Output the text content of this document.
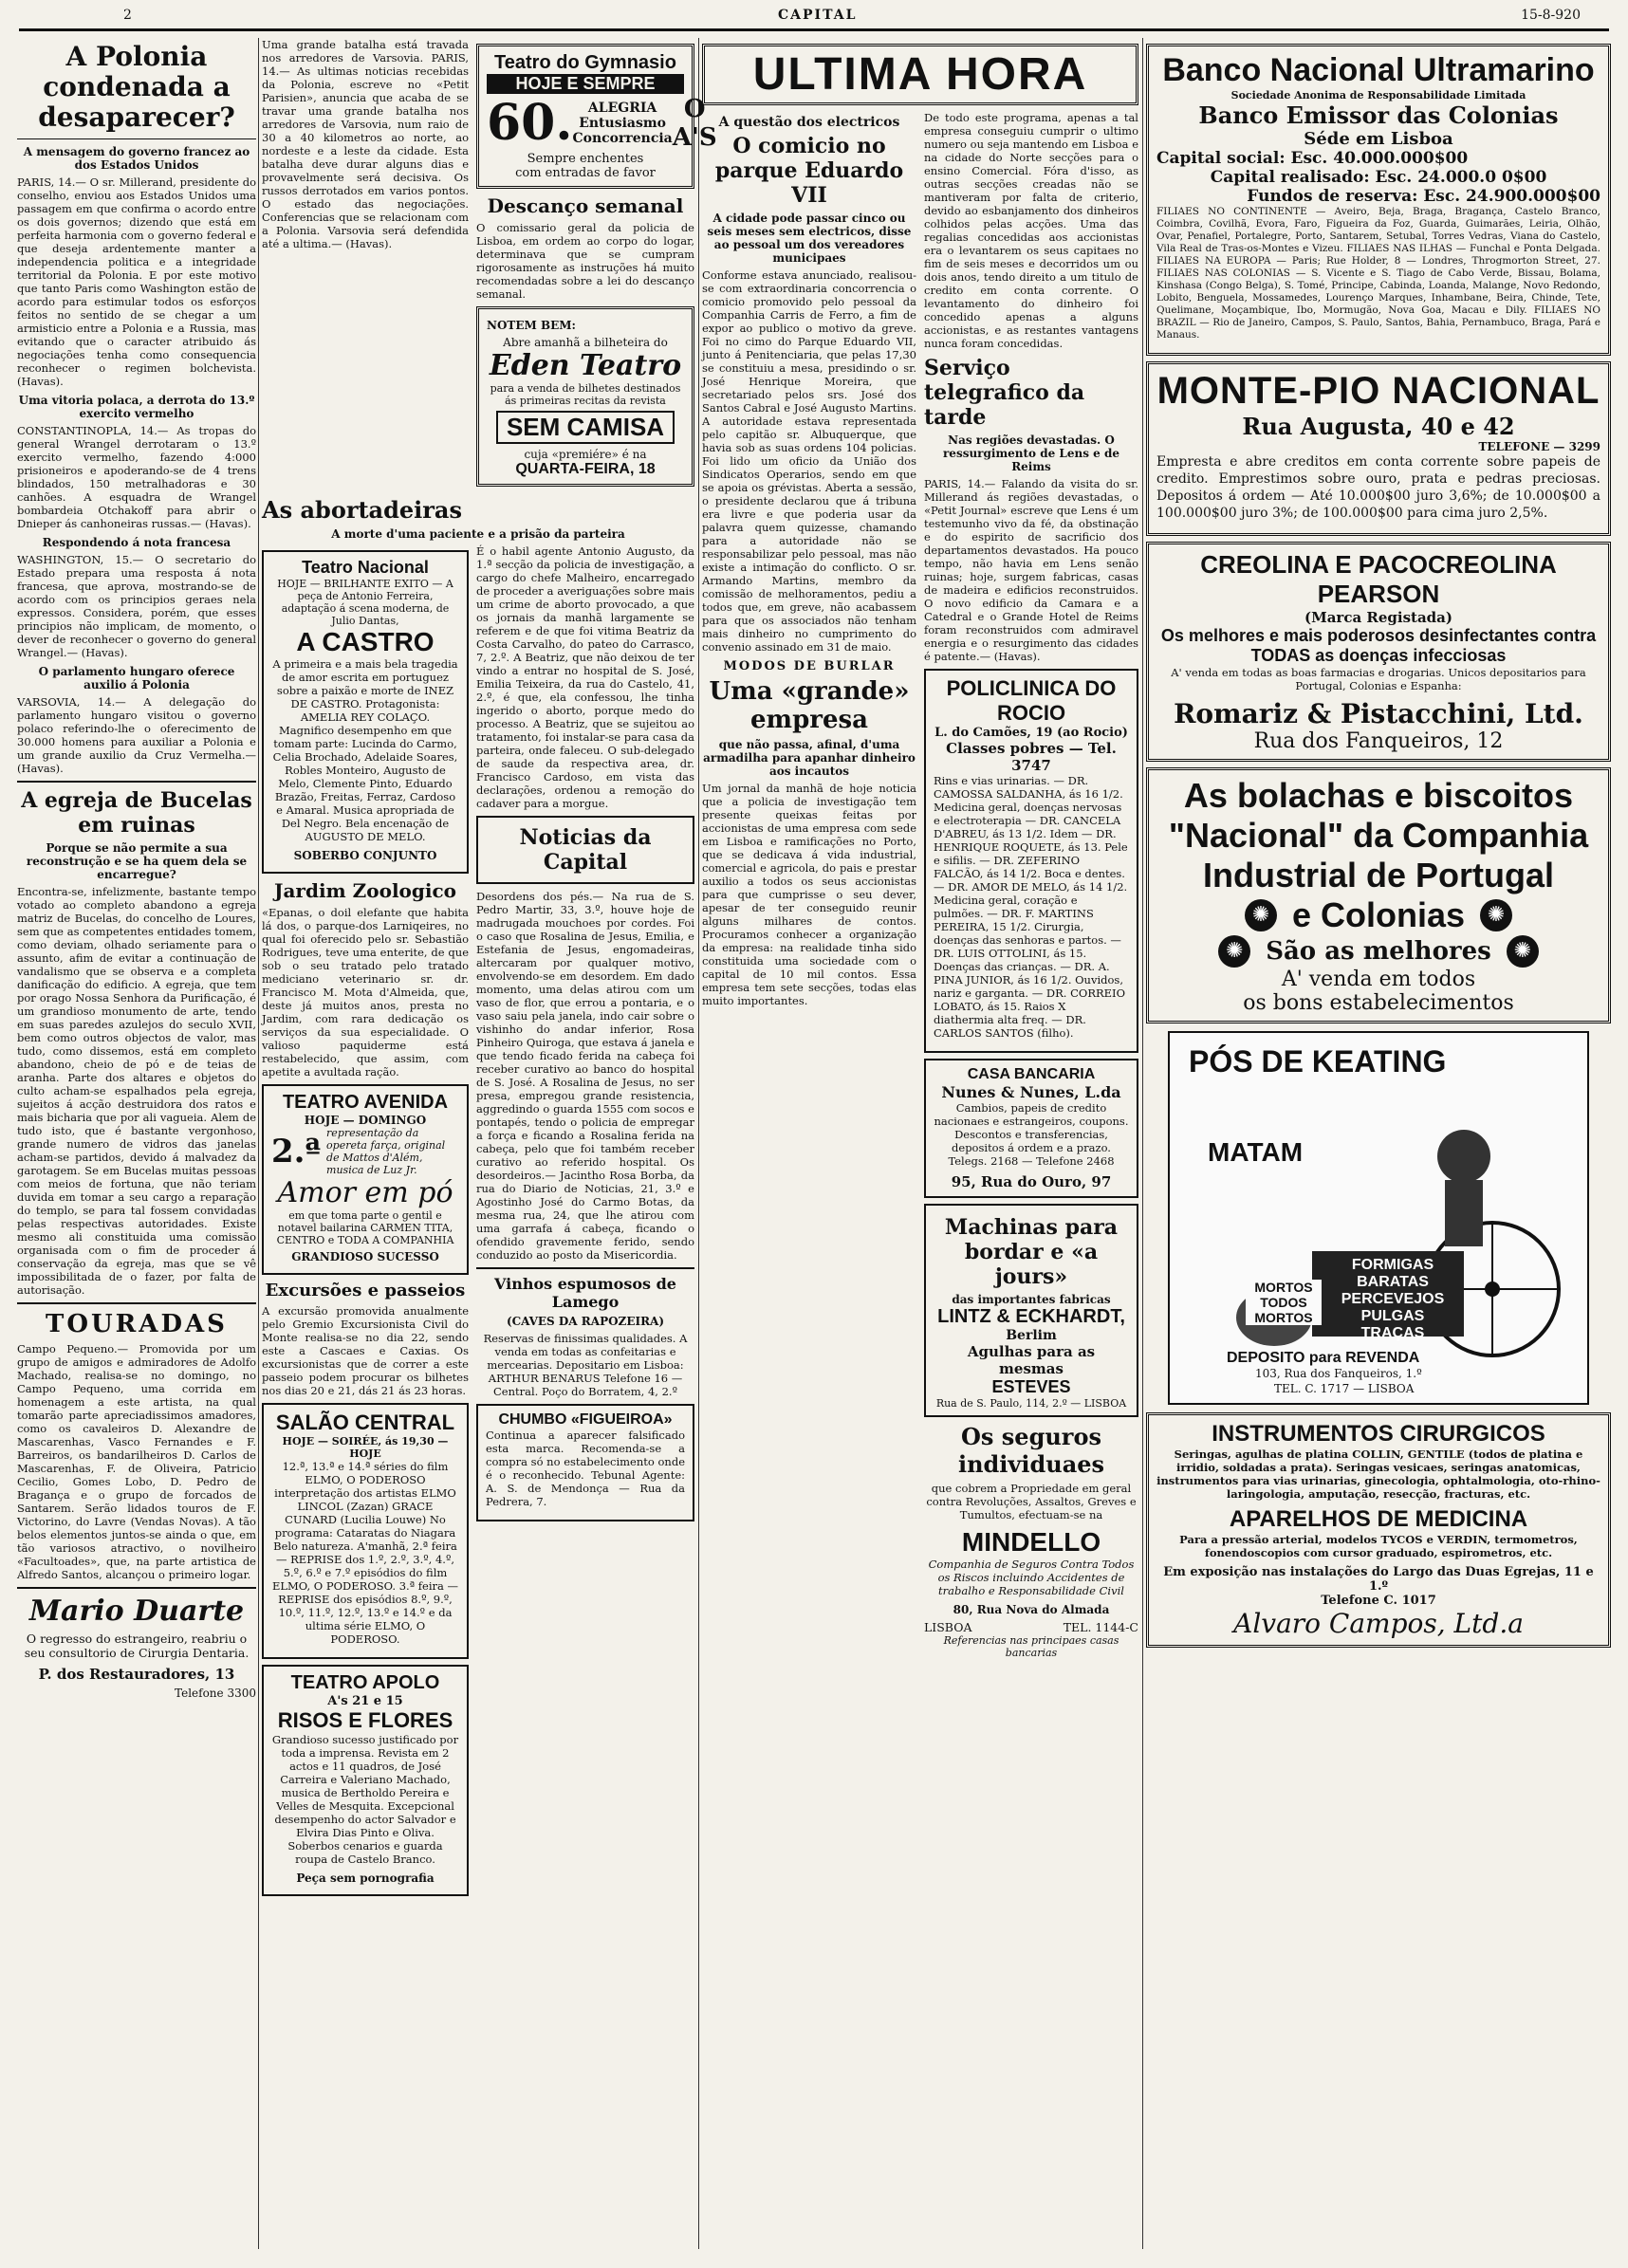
2	CAPITAL	15-8-920
A Polonia condenada a desaparecer?
A mensagem do governo francez ao dos Estados Unidos

PARIS, 14.— O sr. Millerand, presidente do conselho, enviou aos Estados Unidos uma passagem em que confirma o acordo entre os dois governos; dizendo que está em perfeita harmonia com o governo federal e que deseja ardentemente manter a independencia politica e a integridade territorial da Polonia. E por este motivo que tanto Paris como Washington estão de acordo para estimular todos os esforços feitos no sentido de se chegar a um armisticio entre a Polonia e a Russia, mas evitando que o caracter atribuido ás negociações tenha como consequencia reconhecer o regimen bolchevista. (Havas).

Uma vitoria polaca, a derrota do 13.º exercito vermelho

CONSTANTINOPLA, 14.— As tropas do general Wrangel derrotaram o 13.º exercito vermelho, fazendo 4:000 prisioneiros e apoderando-se de 4 trens blindados, 150 metralhadoras e 30 canhões. A esquadra de Wrangel bombardeia Otchakoff para abrir o Dnieper ás canhoneiras russas.— (Havas).

Respondendo á nota francesa

WASHINGTON, 15.— O secretario do Estado prepara uma resposta á nota francesa, que aprova, mostrando-se de acordo com os principios geraes nela expressos. Considera, porém, que esses principios não implicam, de momento, o dever de reconhecer o governo do general Wrangel.— (Havas).

O parlamento hungaro oferece auxilio á Polonia

VARSOVIA, 14.— A delegação do parlamento hungaro visitou o governo polaco referindo-lhe o oferecimento de 30.000 homens para auxiliar a Polonia e um grande auxilio da Cruz Vermelha.— (Havas).

A egreja de Bucelas em ruinas
Porque se não permite a sua reconstrução e se ha quem dela se encarregue?

Encontra-se, infelizmente, bastante tempo votado ao completo abandono a egreja matriz de Bucelas, do concelho de Loures, sem que as competentes entidades tomem, como deviam, olhado seriamente para o assunto, afim de evitar a continuação de vandalismo que se observa e a completa danificação do edificio. A egreja, que tem por orago Nossa Senhora da Purificação, é um grandioso monumento de arte, tendo em suas paredes azulejos do seculo XVII, bem como outros objectos de valor, mas tudo, como dissemos, está em completo abandono, cheio de pó e de teias de aranha. Parte dos altares e objetos do culto acham-se espalhados pela egreja, sujeitos á acção destruidora dos ratos e mais bicharia que por ali vagueia. Alem de tudo isto, que é bastante vergonhoso, grande numero de vidros das janelas acham-se partidos, devido á malvadez da garotagem. Se em Bucelas muitas pessoas com meios de fortuna, que não teriam duvida em tomar a seu cargo a reparação do templo, se para tal fossem convidadas pelas respectivas autoridades. Existe mesmo ali constituida uma comissão organisada com o fim de proceder á conservação da egreja, mas que se vê impossibilitada de o fazer, por falta de autorisação.

TOURADAS

Campo Pequeno.— Promovida por um grupo de amigos e admiradores de Adolfo Machado, realisa-se no domingo, no Campo Pequeno, uma corrida em homenagem a este artista, na qual tomarão parte apreciadissimos amadores, como os cavaleiros D. Alexandre de Mascarenhas, Vasco Fernandes e F. Barreiros, os bandarilheiros D. Carlos de Mascarenhas, F. de Oliveira, Patricio Cecilio, Gomes Lobo, D. Pedro de Bragança e o grupo de forcados de Santarem. Serão lidados touros de F. Victorino, do Lavre (Vendas Novas). A tão belos elementos juntos-se ainda o que, em tão variosos atractivo, o novilheiro «Facultoades», que, na parte artistica de Alfredo Santos, alcançou o primeiro logar.

Mario Duarte

O regresso do estrangeiro, reabriu o seu consultorio de Cirurgia Dentaria.

P. dos Restauradores, 13
Telefone 3300

Uma grande batalha está travada nos arredores de Varsovia. PARIS, 14.— As ultimas noticias recebidas da Polonia, escreve no «Petit Parisien», anuncia que acaba de se travar uma grande batalha nos arredores de Varsovia, num raio de 30 a 40 kilometros ao norte, ao nordeste e a leste da cidade. Esta batalha deve durar alguns dias e provavelmente será decisiva. Os russos derrotados em varios pontos. O estado das negociações. Conferencias que se relacionam com a Polonia. Varsovia será defendida até a ultima.— (Havas).

Teatro do Gymnasio
HOJE E SEMPRE
60.	ALEGRIA
Entusiasmo
Concorrencia
O
A'S
Sempre enchentes
com entradas de favor
Descanço semanal

O comissario geral da policia de Lisboa, em ordem ao corpo do logar, determinava que se cumpram rigorosamente as instruções há muito recomendadas sobre a lei do descanço semanal.

NOTEM BEM:
Abre amanhã a bilheteira do
Eden Teatro
para a venda de bilhetes destinados ás primeiras recitas da revista
SEM CAMISA
cuja «premiére» é na
QUARTA-FEIRA, 18
As abortadeiras
A morte d'uma paciente e a prisão da parteira
Teatro Nacional
HOJE — BRILHANTE EXITO — A peça de Antonio Ferreira, adaptação á scena moderna, de Julio Dantas,
A CASTRO

A primeira e a mais bela tragedia de amor escrita em portuguez sobre a paixão e morte de INEZ DE CASTRO. Protagonista: AMELIA REY COLAÇO. Magnifico desempenho em que tomam parte: Lucinda do Carmo, Celia Brochado, Adelaide Soares, Robles Monteiro, Augusto de Melo, Clemente Pinto, Eduardo Brazão, Freitas, Ferraz, Cardoso e Amaral. Musica apropriada de Del Negro. Bela encenação de AUGUSTO DE MELO.

SOBERBO CONJUNTO
Jardim Zoologico

«Epanas, o doil elefante que habita lá dos, o parque-dos Larniqeires, no qual foi oferecido pelo sr. Sebastião Rodrigues, teve uma enterite, de que sob o seu tratado pelo tratado mediciano veterinario sr. dr. Francisco M. Mota d'Almeida, que, deste já muitos anos, presta no Jardim, com rara dedicação os serviços da sua especialidade. O valioso paquiderme está restabelecido, que assim, com apetite a avultada ração.

TEATRO AVENIDA
HOJE — DOMINGO
2.ª representação da opereta farça, original de Mattos d'Além, musica de Luz Jr.
Amor em pó
em que toma parte o gentil e notavel bailarina CARMEN TITA, CENTRO e TODA A COMPANHIA
GRANDIOSO SUCESSO
Excursões e passeios

A excursão promovida anualmente pelo Gremio Excursionista Civil do Monte realisa-se no dia 22, sendo este a Cascaes e Caxias. Os excursionistas que de correr a este passeio podem procurar os bilhetes nos dias 20 e 21, dás 21 ás 23 horas.

SALÃO CENTRAL
HOJE — SOIRÉE, ás 19,30 — HOJE

12.ª, 13.ª e 14.ª séries do film ELMO, O PODEROSO interpretação dos artistas ELMO LINCOL (Zazan) GRACE CUNARD (Lucilia Louwe) No programa: Cataratas do Niagara Belo natureza. A'manhã, 2.ª feira — REPRISE dos 1.º, 2.º, 3.º, 4.º, 5.º, 6.º e 7.º episódios do film ELMO, O PODEROSO. 3.ª feira — REPRISE dos episódios 8.º, 9.º, 10.º, 11.º, 12.º, 13.º e 14.º e da ultima série ELMO, O PODEROSO.

TEATRO APOLO
A's 21 e 15
RISOS E FLORES

Grandioso sucesso justificado por toda a imprensa. Revista em 2 actos e 11 quadros, de José Carreira e Valeriano Machado, musica de Bertholdo Pereira e Velles de Mesquita. Excepcional desempenho do actor Salvador e Elvira Dias Pinto e Oliva. Soberbos cenarios e guarda roupa de Castelo Branco.

Peça sem pornografia

É o habil agente Antonio Augusto, da 1.ª secção da policia de investigação, a cargo do chefe Malheiro, encarregado de proceder a averiguações sobre mais um crime de aborto provocado, a que os jornais da manhã largamente se referem e de que foi vitima Beatriz da Costa Carvalho, do pateo do Carrasco, 7, 2.º. A Beatriz, que não deixou de ter vindo a entrar no hospital de S. José, Emilia Teixeira, da rua do Castelo, 41, 2.º, é que, ela confessou, lhe tinha ingerido o aborto, porque medo do processo. A Beatriz, que se sujeitou ao tratamento, foi instalar-se para casa da parteira, onde faleceu. O sub-delegado de saude da respectiva area, dr. Francisco Cardoso, em vista das declarações, ordenou a remoção do cadaver para a morgue.

Noticias da Capital

Desordens dos pés.— Na rua de S. Pedro Martir, 33, 3.º, houve hoje de madrugada mouchoes por cordes. Foi o caso que Rosalina de Jesus, Emilia, e Estefania de Jesus, engomadeiras, altercaram por qualquer motivo, envolvendo-se em desordem. Em dado momento, uma delas atirou com um vaso de flor, que errou a pontaria, e o vaso saiu pela janela, indo cair sobre o vishinho do andar inferior, Rosa Pinheiro Quiroga, que estava á janela e que tendo ficado ferida na cabeça foi receber curativo ao banco do hospital de S. José. A Rosalina de Jesus, no ser presa, empregou grande resistencia, aggredindo o guarda 1555 com socos e pontapés, tendo o policia de empregar a força e ficando a Rosalina ferida na cabeça, pelo que foi também receber curativo ao referido hospital. Os desordeiros.— Jacintho Rosa Borba, da rua do Diario de Noticias, 21, 3.º e Agostinho José do Carmo Botas, da mesma rua, 24, que lhe atirou com uma garrafa á cabeça, ficando o ofendido gravemente ferido, sendo conduzido ao posto da Misericordia.

Vinhos espumosos de Lamego
(CAVES DA RAPOZEIRA)

Reservas de finissimas qualidades. A venda em todas as confeitarias e mercearias. Depositario em Lisboa: ARTHUR BENARUS Telefone 16 — Central. Poço do Borratem, 4, 2.º

CHUMBO «FIGUEIROA»

Continua a aparecer falsificado esta marca. Recomenda-se a compra só no estabelecimento onde é o reconhecido. Tebunal Agente: A. S. de Mendonça — Rua da Pedrera, 7.

ULTIMA HORA
A questão dos electricos
O comicio no parque Eduardo VII
A cidade pode passar cinco ou seis meses sem electricos, disse ao pessoal um dos vereadores municipaes

Conforme estava anunciado, realisou-se com extraordinaria concorrencia o comicio promovido pelo pessoal da Companhia Carris de Ferro, a fim de expor ao publico o motivo da greve. Foi no cimo do Parque Eduardo VII, junto á Penitenciaria, que pelas 17,30 se constituiu a mesa, presidindo o sr. José Henrique Moreira, que secretariado pelos srs. José dos Santos Cabral e José Augusto Martins. A autoridade estava representada pelo capitão sr. Albuquerque, que havia sob as suas ordens 104 policias. Foi lido um oficio da União dos Sindicatos Operarios, sendo em que se apoia os grévistas. Aberta a sessão, o presidente declarou que á tribuna era livre e que poderia usar da palavra quem quizesse, chamando para a autoridade não se responsabilizar pelo pessoal, mas não existe a intimação do conflicto. O sr. Armando Martins, membro da comissão de melhoramentos, pediu a todos que, em greve, não acabassem para que os associados não tenham mais dinheiro no cumprimento do convenio assinado em 31 de maio.

MODOS DE BURLAR
Uma «grande» empresa
que não passa, afinal, d'uma armadilha para apanhar dinheiro aos incautos

Um jornal da manhã de hoje noticia que a policia de investigação tem presente queixas feitas por accionistas de uma empresa com sede em Lisboa e ramificações no Porto, que se dedicava á vida industrial, comercial e agricola, do pais e prestar auxilio a todos os seus accionistas para que cumprisse o seu dever, apesar de ter conseguido reunir alguns milhares de contos. Procuramos conhecer a organização da empresa: na realidade tinha sido constituida uma sociedade com o capital de 10 mil contos. Essa empresa tem sete secções, todas elas muito importantes.

De todo este programa, apenas a tal empresa conseguiu cumprir o ultimo numero ou seja mantendo em Lisboa e na cidade do Norte secções para o ensino Comercial. Fóra d'isso, as outras secções creadas não se mantiveram por falta de criterio, devido ao esbanjamento dos dinheiros colhidos pelas acções. Uma das regalias concedidas aos accionistas era o levantarem os seus capitaes no fim de seis meses e decorridos um ou dois anos, tendo direito a um titulo de credito em conta corrente. O levantamento do dinheiro foi concedido apenas a alguns accionistas, e as restantes vantagens nunca foram concedidas.

Serviço telegrafico da tarde
Nas regiões devastadas. O ressurgimento de Lens e de Reims

PARIS, 14.— Falando da visita do sr. Millerand ás regiões devastadas, o «Petit Journal» escreve que Lens é um testemunho vivo da fé, da obstinação e do espirito de sacrificio dos departamentos devastados. Ha pouco tempo, não havia em Lens senão ruinas; hoje, surgem fabricas, casas de madeira e edificios reconstruidos. O novo edificio da Camara e a Catedral e o Grande Hotel de Reims foram reconstruidos com admiravel energia e o resurgimento das cidades é patente.— (Havas).

POLICLINICA DO ROCIO
L. do Camões, 19 (ao Rocio)
Classes pobres — Tel. 3747

Rins e vias urinarias. — DR. CAMOSSA SALDANHA, ás 16 1/2. Medicina geral, doenças nervosas e electroterapia — DR. CANCELA D'ABREU, ás 13 1/2. Idem — DR. HENRIQUE ROQUETE, ás 13. Pele e sifilis. — DR. ZEFERINO FALCÃO, ás 14 1/2. Boca e dentes. — DR. AMOR DE MELO, ás 14 1/2. Medicina geral, coração e pulmões. — DR. F. MARTINS PEREIRA, 15 1/2. Cirurgia, doenças das senhoras e partos. — DR. LUIS OTTOLINI, ás 15. Doenças das crianças. — DR. A. PINA JUNIOR, ás 16 1/2. Ouvidos, nariz e garganta. — DR. CORREIO LOBATO, ás 15. Raios X diathermia alta freq. — DR. CARLOS SANTOS (filho).

CASA BANCARIA
Nunes & Nunes, L.da

Cambios, papeis de credito nacionaes e estrangeiros, coupons. Descontos e transferencias, depositos á ordem e a prazo. Telegs. 2168 — Telefone 2468

95, Rua do Ouro, 97
Machinas para bordar e «a jours»
das importantes fabricas
LINTZ & ECKHARDT,
Berlim
Agulhas para as mesmas
ESTEVES
Rua de S. Paulo, 114, 2.º — LISBOA
Os seguros individuaes

que cobrem a Propriedade em geral contra Revoluções, Assaltos, Greves e Tumultos, efectuam-se na

MINDELLO

Companhia de Seguros Contra Todos os Riscos incluindo Accidentes de trabalho e Responsabilidade Civil

80, Rua Nova do Almada
LISBOA	TEL. 1144-C
Referencias nas principaes casas bancarias
Banco Nacional Ultramarino
Sociedade Anonima de Responsabilidade Limitada
Banco Emissor das Colonias
Séde em Lisboa
Capital social: Esc. 40.000.000$00
Capital realisado: Esc. 24.000.0 0$00
Fundos de reserva: Esc. 24.900.000$00

FILIAES NO CONTINENTE — Aveiro, Beja, Braga, Bragança, Castelo Branco, Coimbra, Covilhã, Evora, Faro, Figueira da Foz, Guarda, Guimarães, Leiria, Olhão, Ovar, Penafiel, Portalegre, Porto, Santarem, Setubal, Torres Vedras, Viana do Castelo, Vila Real de Tras-os-Montes e Vizeu. FILIAES NAS ILHAS — Funchal e Ponta Delgada. FILIAES NA EUROPA — Paris; Rue Holder, 8 — Londres, Throgmorton Street, 27. FILIAES NAS COLONIAS — S. Vicente e S. Tiago de Cabo Verde, Bissau, Bolama, Kinshasa (Congo Belga), S. Tomé, Principe, Cabinda, Loanda, Malange, Novo Redondo, Lobito, Benguela, Mossamedes, Lourenço Marques, Inhambane, Beira, Chinde, Tete, Quelimane, Moçambique, Ibo, Mormugão, Nova Goa, Macau e Dily. FILIAES NO BRAZIL — Rio de Janeiro, Campos, S. Paulo, Santos, Bahia, Pernambuco, Braga, Pará e Manaus.

MONTE-PIO NACIONAL
Rua Augusta, 40 e 42
TELEFONE — 3299

Empresta e abre creditos em conta corrente sobre papeis de credito. Emprestimos sobre ouro, prata e pedras preciosas. Depositos á ordem — Até 10.000$00 juro 3,6%; de 10.000$00 a 100.000$00 juro 3%; de 100.000$00 para cima juro 2,5%.

CREOLINA E PACOCREOLINA PEARSON
(Marca Registada)
Os melhores e mais poderosos desinfectantes contra TODAS as doenças infecciosas

A' venda em todas as boas farmacias e drogarias. Unicos depositarios para Portugal, Colonias e Espanha:

Romariz & Pistacchini, Ltd.
Rua dos Fanqueiros, 12
As bolachas e biscoitos
"Nacional" da Companhia
Industrial de Portugal
✺ e Colonias	✺
✺ São as melhores	✺
A' venda em todos
os bons estabelecimentos
PÓS DE KEATING
MATAM
MORTOS TODOS MORTOS
FORMIGAS BARATAS PERCEVEJOS PULGAS TRAÇAS
DEPOSITO para REVENDA
103, Rua dos Fanqueiros, 1.º
TEL. C. 1717 — LISBOA
INSTRUMENTOS CIRURGICOS

Seringas, agulhas de platina COLLIN, GENTILE (todos de platina e irridio, soldadas a prata). Seringas vesicaes, seringas anatomicas, instrumentos para vias urinarias, ginecologia, ophtalmologia, oto-rhino-laringologia, amputação, resecção, fracturas, etc.

APARELHOS DE MEDICINA

Para a pressão arterial, modelos TYCOS e VERDIN, termometros, fonendoscopios com cursor graduado, espirometros, etc.

Em exposição nas instalações do Largo das Duas Egrejas, 11 e 1.º
Telefone C. 1017
Alvaro Campos, Ltd.a
